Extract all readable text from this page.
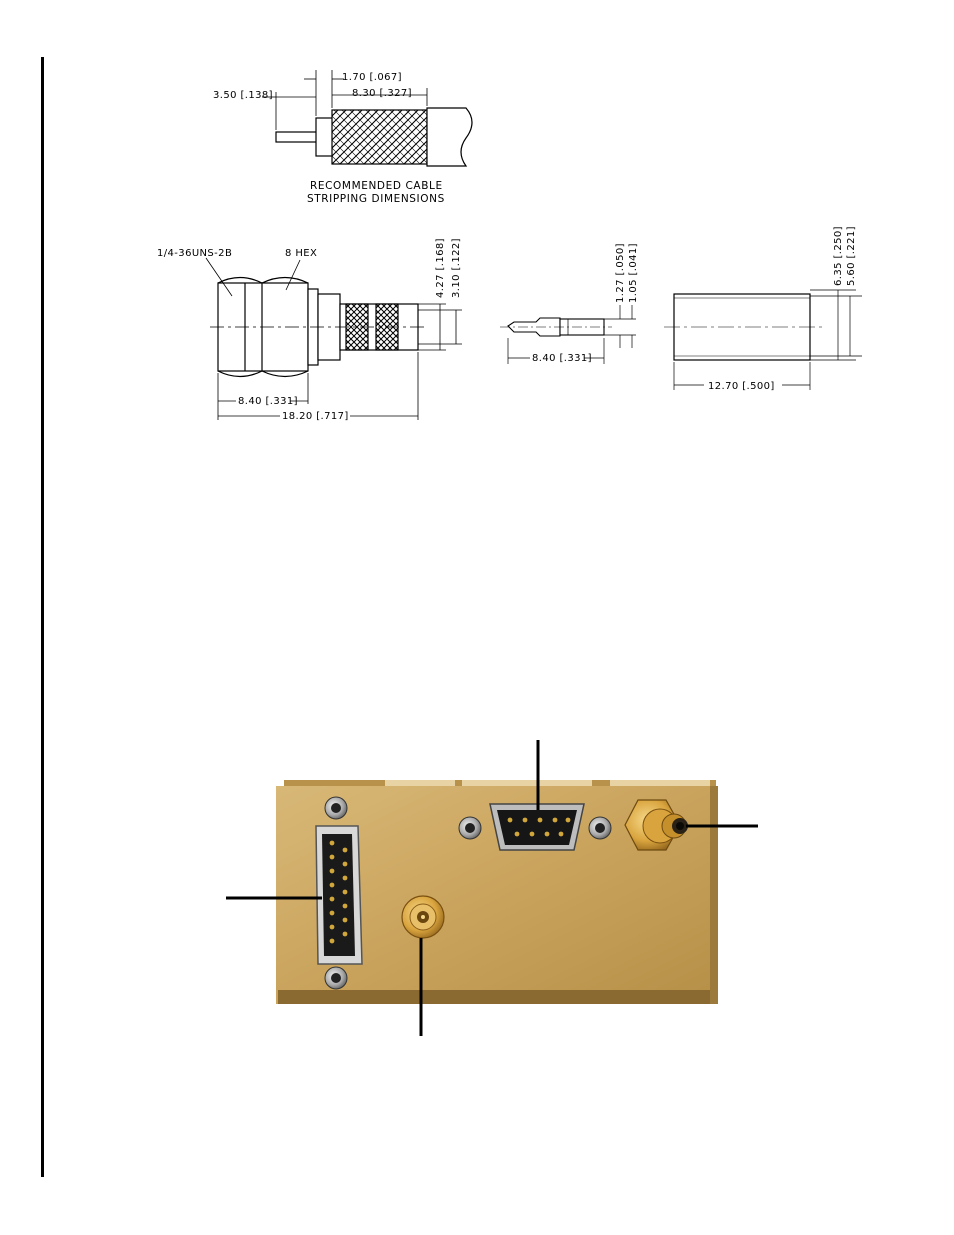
3.50 [.138]
1.70 [.067]
8.30 [.327]
RECOMMENDED CABLE
STRIPPING DIMENSIONS
1/4-36UNS-2B	8 HEX	4.27 [.168] 3.10 [.122]
8.40 [.331]
18.20 [.717]
1.27 [.050] 1.05 [.041]
8.40 [.331]
6.35 [.250] 5.60 [.221]
12.70 [.500]
